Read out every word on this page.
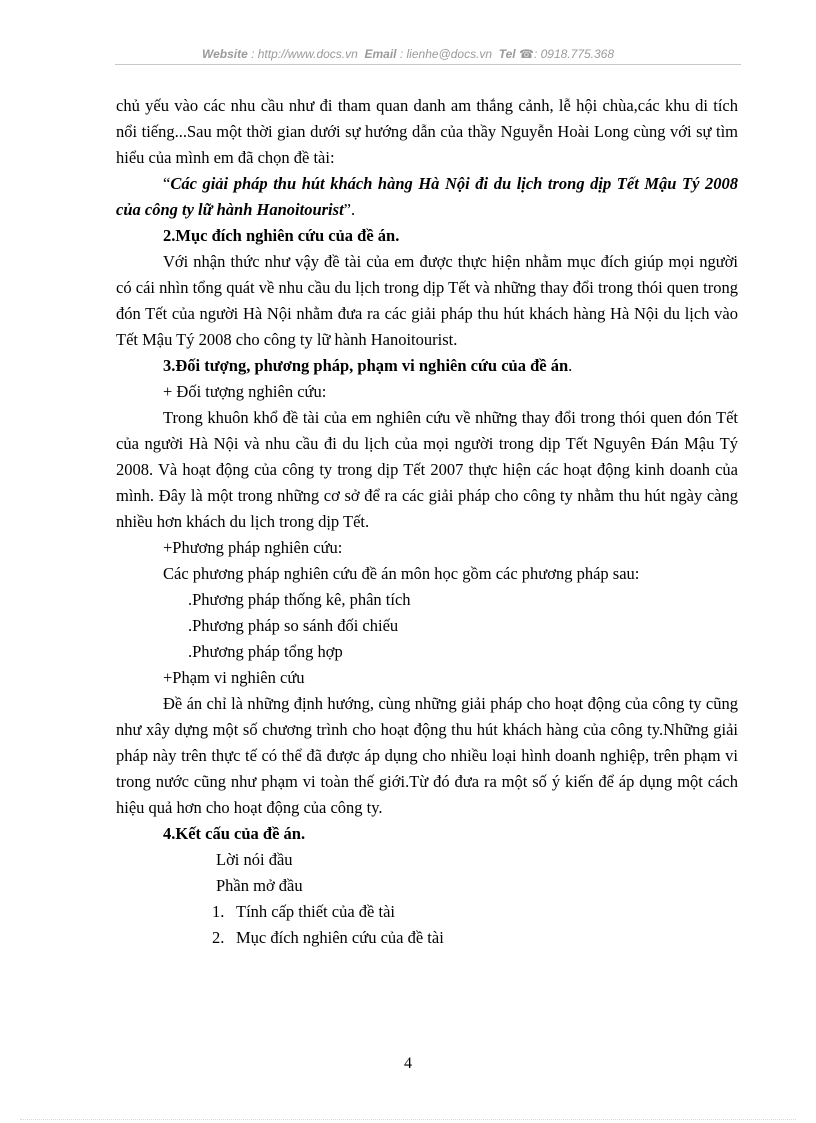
Website : http://www.docs.vn Email : lienhe@docs.vn Tel ☎: 0918.775.368

chủ yếu vào các nhu cầu như đi tham quan danh am thắng cảnh, lễ hội chùa,các khu di tích nổi tiếng...Sau một thời gian dưới sự hướng dẫn của thầy Nguyễn Hoài Long cùng với sự tìm hiểu của mình em đã chọn đề tài:

“Các giải pháp thu hút khách hàng Hà Nội đi du lịch trong dịp Tết Mậu Tý 2008 của công ty lữ hành Hanoitourist”.

2.Mục đích nghiên cứu của đề án.

Với nhận thức như vậy đề tài của em được thực hiện nhằm mục đích giúp mọi người có cái nhìn tổng quát về nhu cầu du lịch trong dịp Tết và những thay đổi trong thói quen trong đón Tết của người Hà Nội nhằm đưa ra các giải pháp thu hút khách hàng Hà Nội du lịch vào Tết Mậu Tý 2008 cho công ty lữ hành Hanoitourist.

3.Đối tượng, phương pháp, phạm vi nghiên cứu của đề án.

+ Đối tượng nghiên cứu:

Trong khuôn khổ đề tài của em nghiên cứu về những thay đổi trong thói quen đón Tết của người Hà Nội và nhu cầu đi du lịch của mọi người trong dịp Tết Nguyên Đán Mậu Tý 2008. Và hoạt động của công ty trong dịp Tết 2007 thực hiện các hoạt động kinh doanh của mình. Đây là một trong những cơ sở để ra các giải pháp cho công ty nhằm thu hút ngày càng nhiều hơn khách du lịch trong dịp Tết.

+Phương pháp nghiên cứu:

Các phương pháp nghiên cứu đề án môn học gồm các phương pháp sau:

.Phương pháp thống kê, phân tích

.Phương pháp so sánh đối chiếu

.Phương pháp tổng hợp

+Phạm vi nghiên cứu

Đề án chỉ là những định hướng, cùng những giải pháp cho hoạt động của công ty cũng như xây dựng một số chương trình cho hoạt động thu hút khách hàng của công ty.Những giải pháp này trên thực tế có thể đã được áp dụng cho nhiều loại hình doanh nghiệp, trên phạm vi trong nước cũng như phạm vi toàn thế giới.Từ đó đưa ra một số ý kiến để áp dụng một cách hiệu quả hơn cho hoạt động của công ty.

4.Kết cấu của đề án.

Lời nói đầu

Phần mở đầu

1. Tính cấp thiết của đề tài

2. Mục đích nghiên cứu của đề tài

4
